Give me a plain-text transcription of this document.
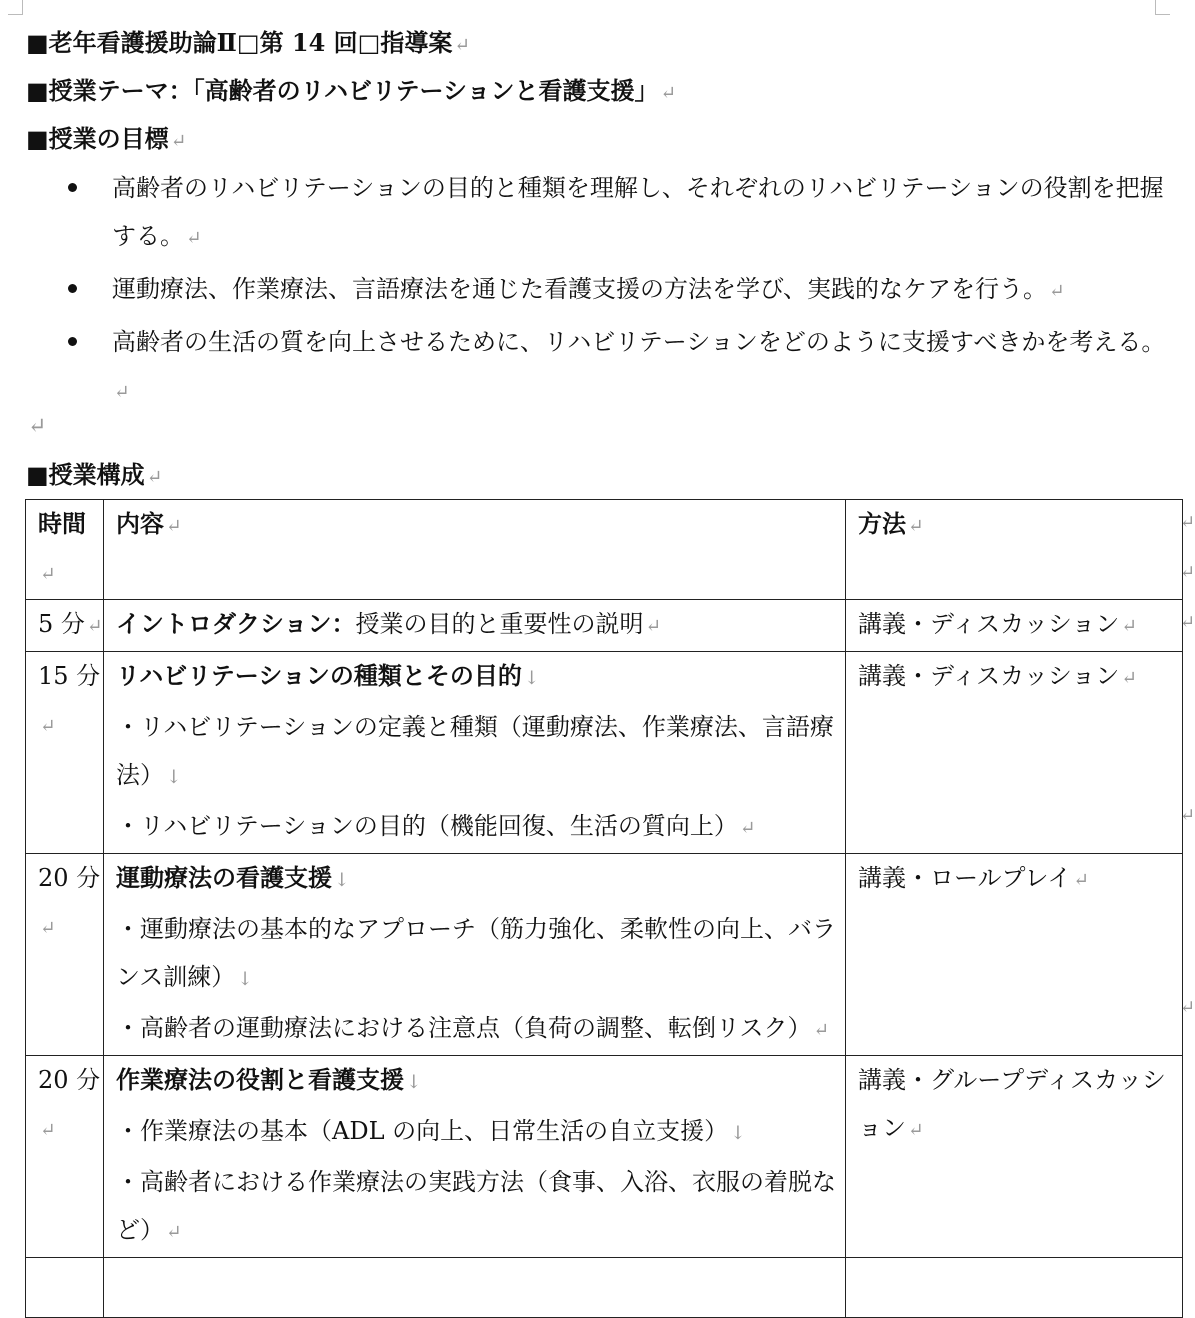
■老年看護援助論Ⅱ□第 14 回□指導案 ↵
■授業テーマ：「高齢者のリハビリテーションと看護支援」 ↵
■授業の目標 ↵
高齢者のリハビリテーションの目的と種類を理解し、それぞれのリハビリテーションの役割を把握する。 ↵
運動療法、作業療法、言語療法を通じた看護支援の方法を学び、実践的なケアを行う。 ↵
高齢者の生活の質を向上させるために、リハビリテーションをどのように支援すべきかを考える。↵
↵
■授業構成 ↵
時間↵	内容 ↵	方法 ↵
5 分 ↵	イントロダクション：授業の目的と重要性の説明 ↵	講義・ディスカッション ↵
15 分↵	リハビリテーションの種類とその目的 ↓
・リハビリテーションの定義と種類（運動療法、作業療法、言語療法） ↓
・リハビリテーションの目的（機能回復、生活の質向上） ↵	講義・ディスカッション ↵
20 分↵	運動療法の看護支援 ↓
・運動療法の基本的なアプローチ（筋力強化、柔軟性の向上、バランス訓練） ↓
・高齢者の運動療法における注意点（負荷の調整、転倒リスク） ↵	講義・ロールプレイ ↵
20 分↵	作業療法の役割と看護支援 ↓
・作業療法の基本（ADL の向上、日常生活の自立支援） ↓
・高齢者における作業療法の実践方法（食事、入浴、衣服の着脱など） ↵	講義・グループディスカッション ↵

↵
↵
↵
↵
↵
